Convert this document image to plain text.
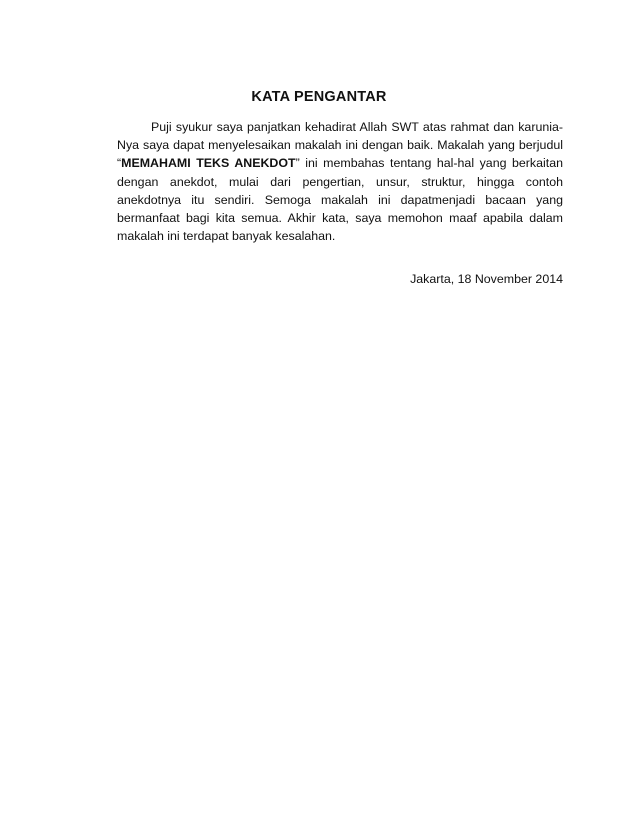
KATA PENGANTAR

Puji syukur saya panjatkan kehadirat Allah SWT atas rahmat dan karunia-Nya saya dapat menyelesaikan makalah ini dengan baik. Makalah yang berjudul “MEMAHAMI TEKS ANEKDOT” ini membahas tentang hal-hal yang berkaitan dengan anekdot, mulai dari pengertian, unsur, struktur, hingga contoh anekdotnya itu sendiri. Semoga makalah ini dapatmenjadi bacaan yang bermanfaat bagi kita semua. Akhir kata, saya memohon maaf apabila dalam makalah ini terdapat banyak kesalahan.

Jakarta, 18 November 2014
